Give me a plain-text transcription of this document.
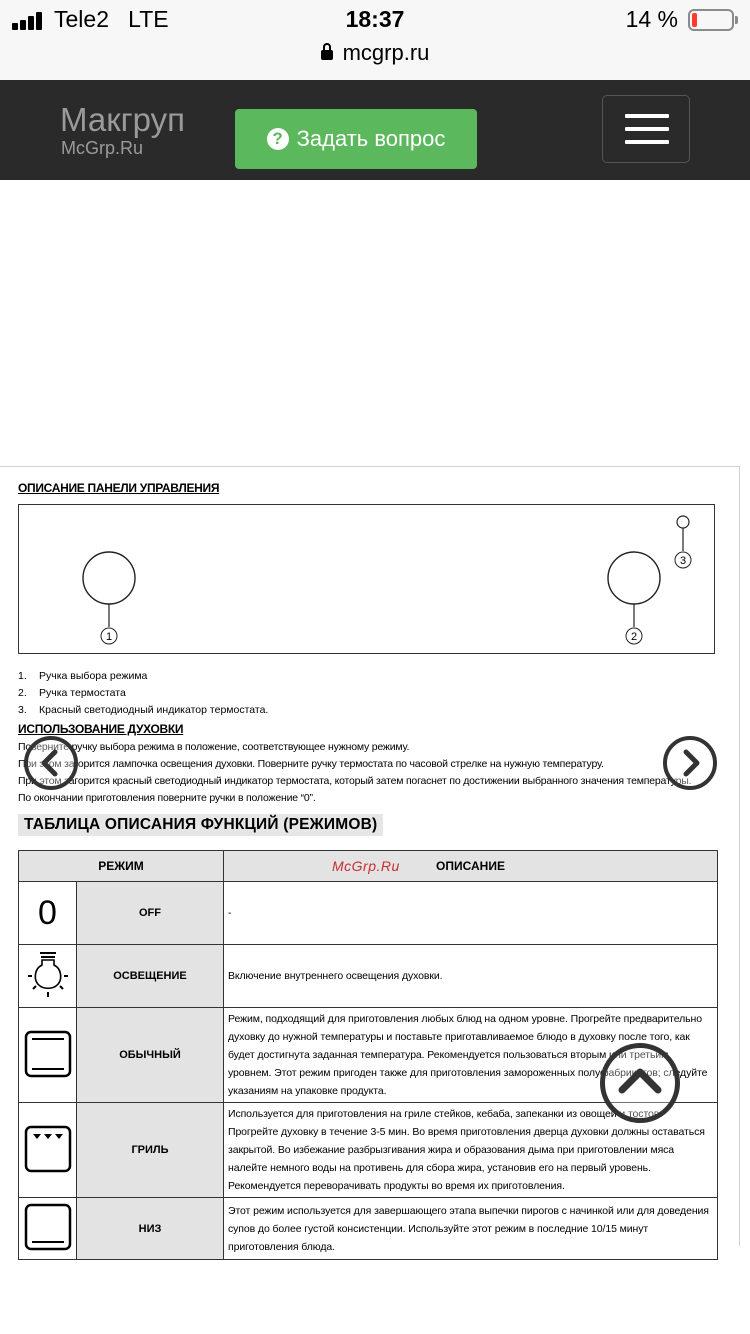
Tele2 LTE	18:37	14 %
mcgrp.ru
Макгруп
McGrp.Ru	? Задать вопрос
ОПИСАНИЕ ПАНЕЛИ УПРАВЛЕНИЯ
1	2
3
1. Ручка выбора режима
2. Ручка термостата
3. Красный светодиодный индикатор термостата.
ИСПОЛЬЗОВАНИЕ ДУХОВКИ
Поверните ручку выбора режима в положение, соответствующее нужному режиму.
При этом загорится лампочка освещения духовки. Поверните ручку термостата по часовой стрелке на нужную температуру.
При этом загорится красный светодиодный индикатор термостата, который затем погаснет по достижении выбранного значения температуры.
По окончании приготовления поверните ручки в положение “0”.
ТАБЛИЦА ОПИСАНИЯ ФУНКЦИЙ (РЕЖИМОВ)
РЕЖИМ		ОПИСАНИЕ
0	OFF	-
	ОСВЕЩЕНИЕ	Включение внутреннего освещения духовки.
	ОБЫЧНЫЙ	Режим, подходящий для приготовления любых блюд на одном уровне. Прогрейте предварительно духовку до нужной температуры и поставьте приготавливаемое блюдо в духовку после того, как будет достигнута заданная температура. Рекомендуется пользоваться вторым или третьим уровнем. Этот режим пригоден также для приготовления замороженных полуфабрикатов; следуйте указаниям на упаковке продукта.
	ГРИЛЬ	Используется для приготовления на гриле стейков, кебаба, запеканки из овощей и тостов. Прогрейте духовку в течение 3-5 мин. Во время приготовления дверца духовки должны оставаться закрытой. Во избежание разбрызгивания жира и образования дыма при приготовлении мяса налейте немного воды на противень для сбора жира, установив его на первый уровень. Рекомендуется переворачивать продукты во время их приготовления.
	НИЗ	Этот режим используется для завершающего этапа выпечки пирогов с начинкой или для доведения супов до более густой консистенции. Используйте этот режим в последние 10/15 минут приготовления блюда.
McGrp.Ru
